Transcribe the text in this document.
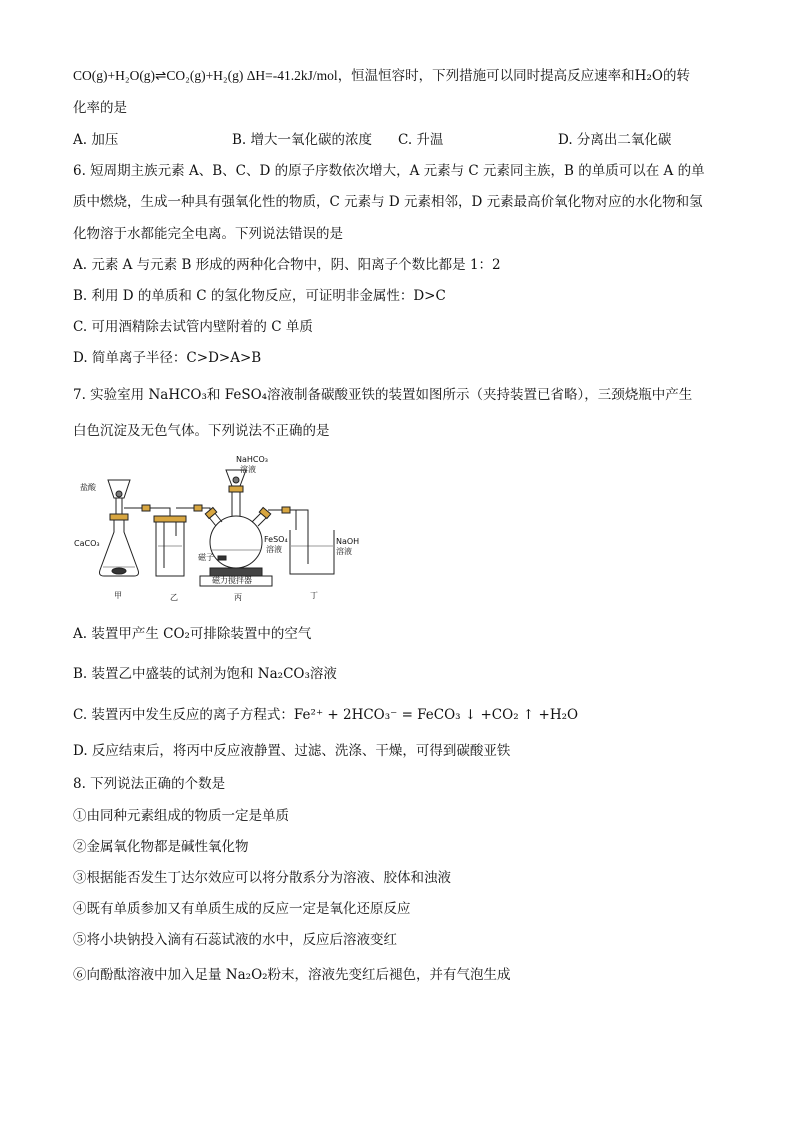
CO(g)+H₂O(g)⇌CO₂(g)+H₂(g) ΔH=-41.2kJ/mol，恒温恒容时，下列措施可以同时提高反应速率和H₂O的转
化率的是
A. 加压	B. 增大一氧化碳的浓度 C. 升温	D. 分离出二氧化碳
6. 短周期主族元素 A、B、C、D 的原子序数依次增大，A 元素与 C 元素同主族，B 的单质可以在 A 的单
质中燃烧，生成一种具有强氧化性的物质，C 元素与 D 元素相邻，D 元素最高价氧化物对应的水化物和氢
化物溶于水都能完全电离。下列说法错误的是
A. 元素 A 与元素 B 形成的两种化合物中，阴、阳离子个数比都是 1：2
B. 利用 D 的单质和 C 的氢化物反应，可证明非金属性：D>C
C. 可用酒精除去试管内壁附着的 C 单质
D. 简单离子半径：C>D>A>B
7. 实验室用 NaHCO₃和 FeSO₄溶液制备碳酸亚铁的装置如图所示（夹持装置已省略），三颈烧瓶中产生
白色沉淀及无色气体。下列说法不正确的是
盐酸
CaCO₃
NaHCO₃
溶液
FeSO₄
溶液
磁子
磁力搅拌器
NaOH
溶液
甲	乙	丙	丁
A. 装置甲产生 CO₂可排除装置中的空气
B. 装置乙中盛装的试剂为饱和 Na₂CO₃溶液
C. 装置丙中发生反应的离子方程式：Fe²⁺ + 2HCO₃⁻ = FeCO₃ ↓ +CO₂ ↑ +H₂O
D. 反应结束后，将丙中反应液静置、过滤、洗涤、干燥，可得到碳酸亚铁
8. 下列说法正确的个数是
①由同种元素组成的物质一定是单质
②金属氧化物都是碱性氧化物
③根据能否发生丁达尔效应可以将分散系分为溶液、胶体和浊液
④既有单质参加又有单质生成的反应一定是氧化还原反应
⑤将小块钠投入滴有石蕊试液的水中，反应后溶液变红
⑥向酚酞溶液中加入足量 Na₂O₂粉末，溶液先变红后褪色，并有气泡生成
